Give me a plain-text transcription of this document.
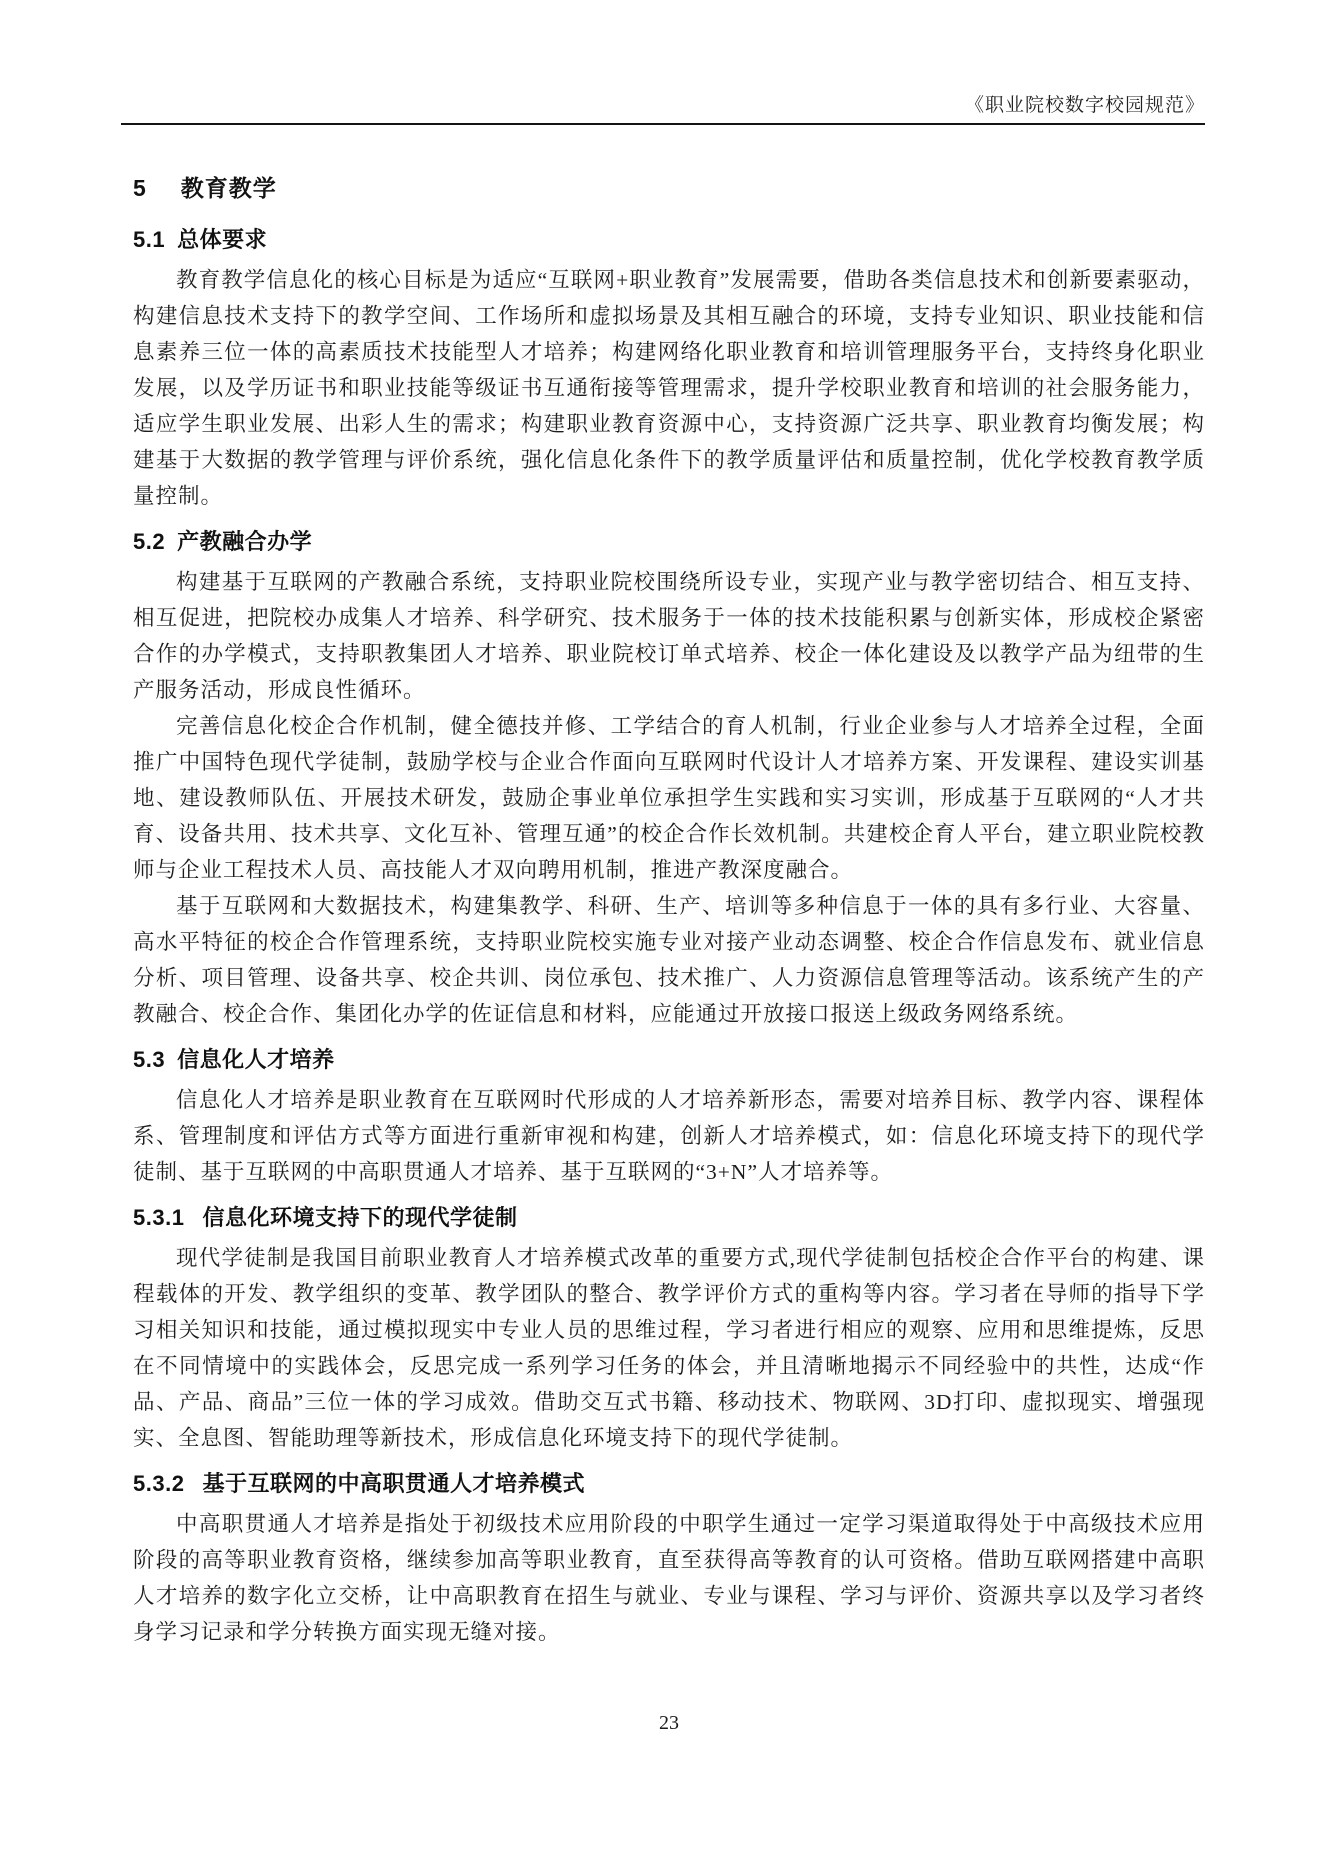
《职业院校数字校园规范》
5 教育教学
5.1 总体要求

教育教学信息化的核心目标是为适应“互联网+职业教育”发展需要，借助各类信息技术和创新要素驱动，构建信息技术支持下的教学空间、工作场所和虚拟场景及其相互融合的环境，支持专业知识、职业技能和信息素养三位一体的高素质技术技能型人才培养；构建网络化职业教育和培训管理服务平台，支持终身化职业发展，以及学历证书和职业技能等级证书互通衔接等管理需求，提升学校职业教育和培训的社会服务能力，适应学生职业发展、出彩人生的需求；构建职业教育资源中心，支持资源广泛共享、职业教育均衡发展；构建基于大数据的教学管理与评价系统，强化信息化条件下的教学质量评估和质量控制，优化学校教育教学质量控制。

5.2 产教融合办学

构建基于互联网的产教融合系统，支持职业院校围绕所设专业，实现产业与教学密切结合、相互支持、相互促进，把院校办成集人才培养、科学研究、技术服务于一体的技术技能积累与创新实体，形成校企紧密合作的办学模式，支持职教集团人才培养、职业院校订单式培养、校企一体化建设及以教学产品为纽带的生产服务活动，形成良性循环。

完善信息化校企合作机制，健全德技并修、工学结合的育人机制，行业企业参与人才培养全过程，全面推广中国特色现代学徒制，鼓励学校与企业合作面向互联网时代设计人才培养方案、开发课程、建设实训基地、建设教师队伍、开展技术研发，鼓励企事业单位承担学生实践和实习实训，形成基于互联网的“人才共育、设备共用、技术共享、文化互补、管理互通”的校企合作长效机制。共建校企育人平台，建立职业院校教师与企业工程技术人员、高技能人才双向聘用机制，推进产教深度融合。

基于互联网和大数据技术，构建集教学、科研、生产、培训等多种信息于一体的具有多行业、大容量、高水平特征的校企合作管理系统，支持职业院校实施专业对接产业动态调整、校企合作信息发布、就业信息分析、项目管理、设备共享、校企共训、岗位承包、技术推广、人力资源信息管理等活动。该系统产生的产教融合、校企合作、集团化办学的佐证信息和材料，应能通过开放接口报送上级政务网络系统。

5.3 信息化人才培养

信息化人才培养是职业教育在互联网时代形成的人才培养新形态，需要对培养目标、教学内容、课程体系、管理制度和评估方式等方面进行重新审视和构建，创新人才培养模式，如：信息化环境支持下的现代学徒制、基于互联网的中高职贯通人才培养、基于互联网的“3+N”人才培养等。

5.3.1 信息化环境支持下的现代学徒制

现代学徒制是我国目前职业教育人才培养模式改革的重要方式,现代学徒制包括校企合作平台的构建、课程载体的开发、教学组织的变革、教学团队的整合、教学评价方式的重构等内容。学习者在导师的指导下学习相关知识和技能，通过模拟现实中专业人员的思维过程，学习者进行相应的观察、应用和思维提炼，反思在不同情境中的实践体会，反思完成一系列学习任务的体会，并且清晰地揭示不同经验中的共性，达成“作品、产品、商品”三位一体的学习成效。借助交互式书籍、移动技术、物联网、3D打印、虚拟现实、增强现实、全息图、智能助理等新技术，形成信息化环境支持下的现代学徒制。

5.3.2 基于互联网的中高职贯通人才培养模式

中高职贯通人才培养是指处于初级技术应用阶段的中职学生通过一定学习渠道取得处于中高级技术应用阶段的高等职业教育资格，继续参加高等职业教育，直至获得高等教育的认可资格。借助互联网搭建中高职人才培养的数字化立交桥，让中高职教育在招生与就业、专业与课程、学习与评价、资源共享以及学习者终身学习记录和学分转换方面实现无缝对接。

23
